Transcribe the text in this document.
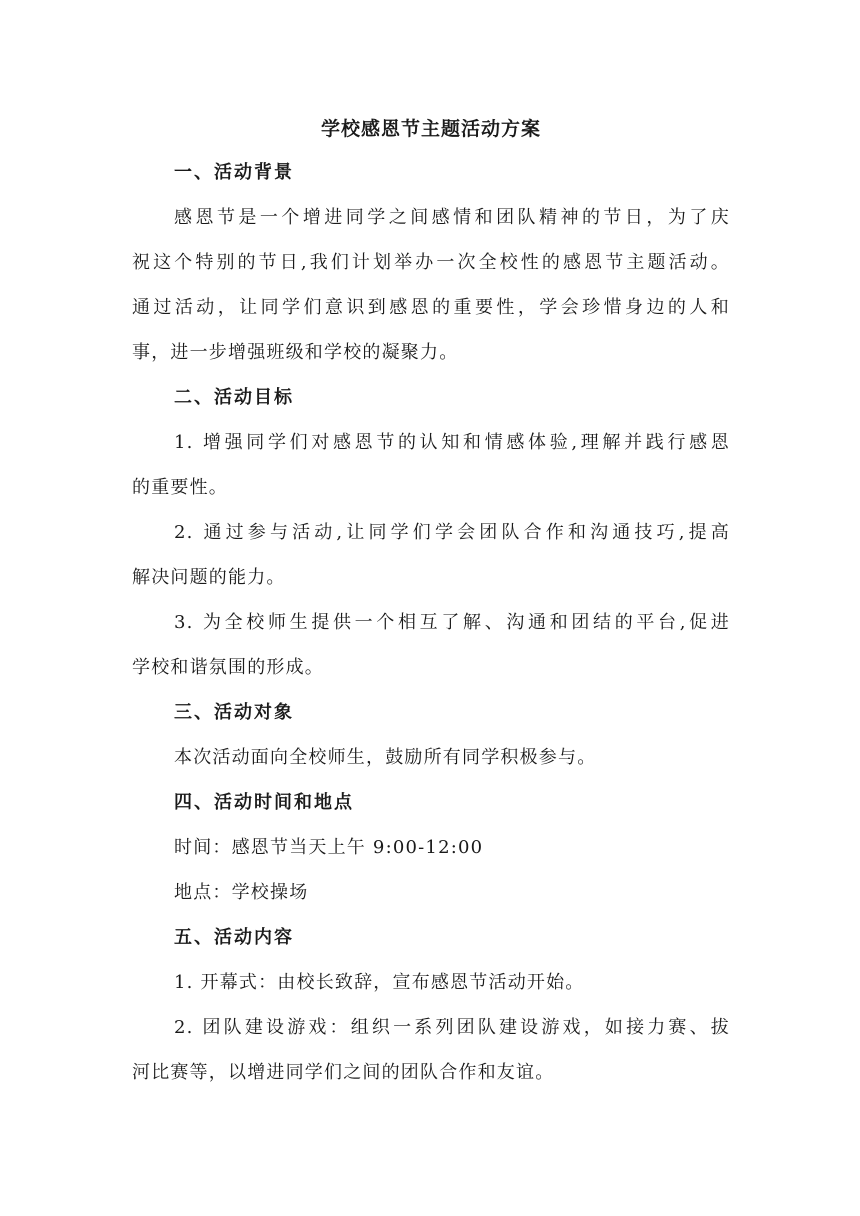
学校感恩节主题活动方案
一、活动背景
感恩节是一个增进同学之间感情和团队精神的节日，为了庆
祝这个特别的节日,我们计划举办一次全校性的感恩节主题活动。
通过活动，让同学们意识到感恩的重要性，学会珍惜身边的人和
事，进一步增强班级和学校的凝聚力。
二、活动目标
1. 增强同学们对感恩节的认知和情感体验,理解并践行感恩
的重要性。
2. 通过参与活动,让同学们学会团队合作和沟通技巧,提高
解决问题的能力。
3. 为全校师生提供一个相互了解、沟通和团结的平台,促进
学校和谐氛围的形成。
三、活动对象
本次活动面向全校师生，鼓励所有同学积极参与。
四、活动时间和地点
时间：感恩节当天上午 9:00-12:00
地点：学校操场
五、活动内容
1. 开幕式：由校长致辞，宣布感恩节活动开始。
2. 团队建设游戏：组织一系列团队建设游戏，如接力赛、拔
河比赛等，以增进同学们之间的团队合作和友谊。
